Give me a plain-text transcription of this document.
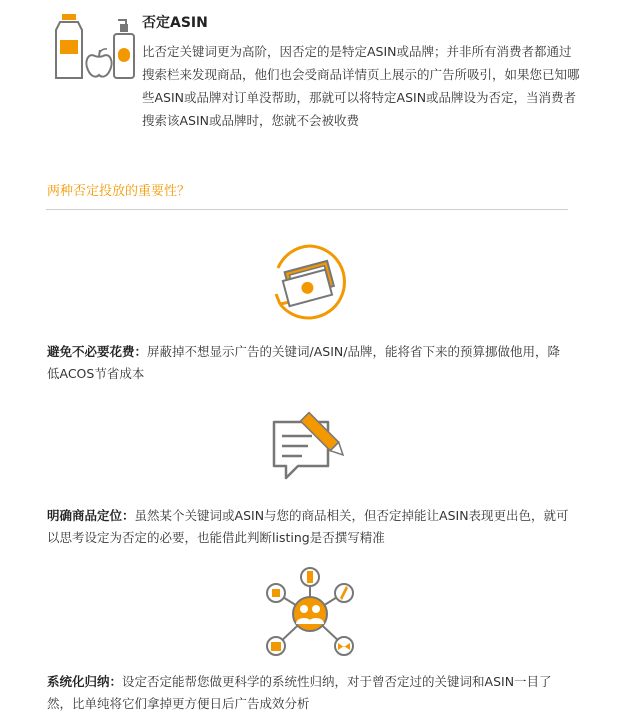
否定ASIN
比否定关键词更为高阶，因否定的是特定ASIN或品牌；并非所有消费者都通过搜索栏来发现商品，他们也会受商品详情页上展示的广告所吸引，如果您已知哪些ASIN或品牌对订单没帮助，那就可以将特定ASIN或品牌设为否定，当消费者搜索该ASIN或品牌时，您就不会被收费
两种否定投放的重要性？
避免不必要花费：屏蔽掉不想显示广告的关键词/ASIN/品牌，能将省下来的预算挪做他用，降低ACOS节省成本
明确商品定位：虽然某个关键词或ASIN与您的商品相关，但否定掉能让ASIN表现更出色，就可以思考设定为否定的必要，也能借此判断listing是否撰写精准
系统化归纳：设定否定能帮您做更科学的系统性归纳，对于曾否定过的关键词和ASIN一目了然，比单纯将它们拿掉更方便日后广告成效分析
